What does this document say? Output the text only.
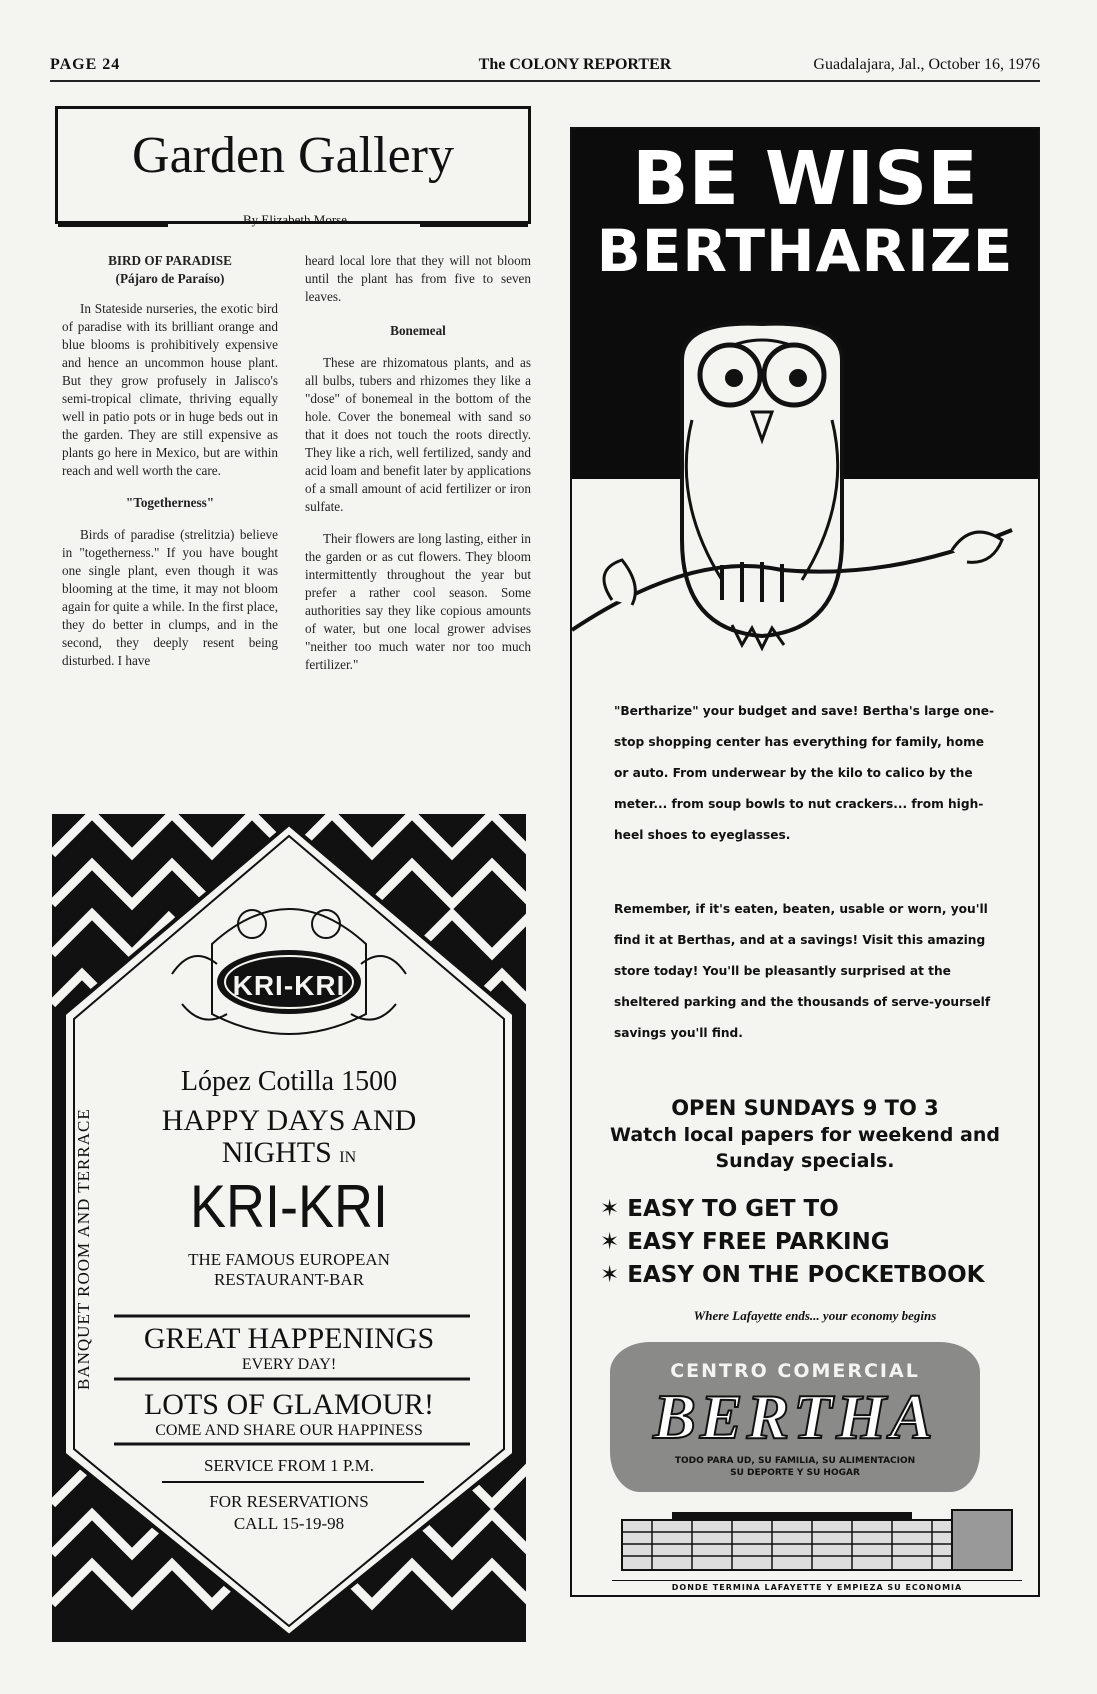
PAGE 24	The COLONY REPORTER	Guadalajara, Jal., October 16, 1976
Garden Gallery
By Elizabeth Morse
BIRD OF PARADISE
(Pájaro de Paraíso)

In Stateside nurseries, the exotic bird of paradise with its brilliant orange and blue blooms is prohibitively expensive and hence an uncommon house plant. But they grow profusely in Jalisco's semi-tropical climate, thriving equally well in patio pots or in huge beds out in the garden. They are still expensive as plants go here in Mexico, but are within reach and well worth the care.

"Togetherness"

Birds of paradise (strelitzia) believe in "togetherness." If you have bought one single plant, even though it was blooming at the time, it may not bloom again for quite a while. In the first place, they do better in clumps, and in the second, they deeply resent being disturbed. I have

heard local lore that they will not bloom until the plant has from five to seven leaves.

Bonemeal

These are rhizomatous plants, and as all bulbs, tubers and rhizomes they like a "dose" of bonemeal in the bottom of the hole. Cover the bonemeal with sand so that it does not touch the roots directly. They like a rich, well fertilized, sandy and acid loam and benefit later by applications of a small amount of acid fertilizer or iron sulfate.

Their flowers are long lasting, either in the garden or as cut flowers. They bloom intermittently throughout the year but prefer a rather cool season. Some authorities say they like copious amounts of water, but one local grower advises "neither too much water nor too much fertilizer."

KRI-KRI
López Cotilla 1500
HAPPY DAYS AND
NIGHTS IN
KRI-KRI
THE FAMOUS EUROPEAN
RESTAURANT-BAR
GREAT HAPPENINGS
EVERY DAY!
LOTS OF GLAMOUR!
COME AND SHARE OUR HAPPINESS
SERVICE FROM 1 P.M.
FOR RESERVATIONS
CALL 15-19-98
BANQUET ROOM AND TERRACE
BE WISE
BERTHARIZE
"Bertharize" your budget and save! Bertha's large one-stop shopping center has everything for family, home or auto. From underwear by the kilo to calico by the meter... from soup bowls to nut crackers... from high-heel shoes to eyeglasses.
Remember, if it's eaten, beaten, usable or worn, you'll find it at Berthas, and at a savings! Visit this amazing store today! You'll be pleasantly surprised at the sheltered parking and the thousands of serve-yourself savings you'll find.
OPEN SUNDAYS 9 TO 3
Watch local papers for weekend and
Sunday specials.
✶ EASY TO GET TO
✶ EASY FREE PARKING
✶ EASY ON THE POCKETBOOK
Where Lafayette ends... your economy begins
CENTRO COMERCIAL
BERTHA
TODO PARA UD, SU FAMILIA, SU ALIMENTACION
SU DEPORTE Y SU HOGAR
DONDE TERMINA LAFAYETTE Y EMPIEZA SU ECONOMIA
